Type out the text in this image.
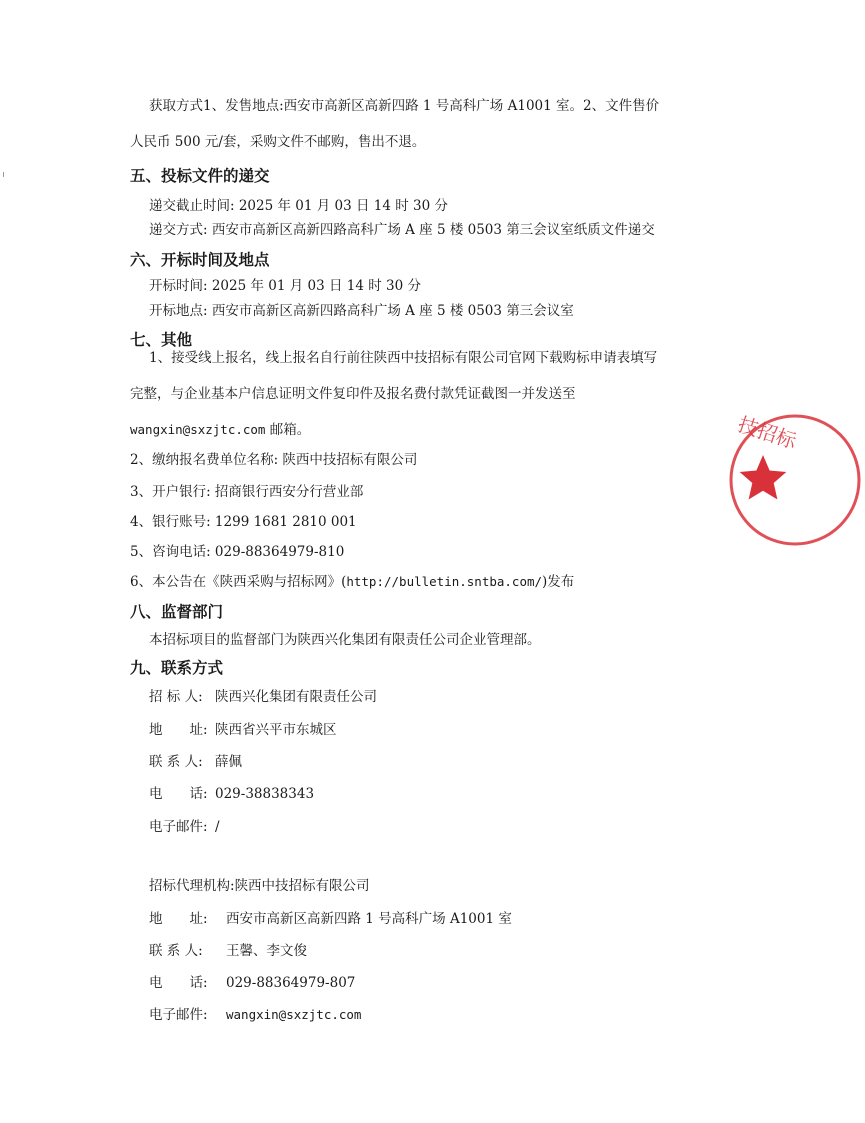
获取方式1、发售地点:西安市高新区高新四路 1 号高科广场 A1001 室。2、文件售价
人民币 500 元/套，采购文件不邮购，售出不退。
五、投标文件的递交
递交截止时间: 2025 年 01 月 03 日 14 时 30 分
递交方式: 西安市高新区高新四路高科广场 A 座 5 楼 0503 第三会议室纸质文件递交
六、开标时间及地点
开标时间: 2025 年 01 月 03 日 14 时 30 分
开标地点: 西安市高新区高新四路高科广场 A 座 5 楼 0503 第三会议室
七、其他
1、接受线上报名，线上报名自行前往陕西中技招标有限公司官网下载购标申请表填写
完整，与企业基本户信息证明文件复印件及报名费付款凭证截图一并发送至
wangxin@sxzjtc.com 邮箱。
2、缴纳报名费单位名称: 陕西中技招标有限公司
3、开户银行: 招商银行西安分行营业部
4、银行账号: 1299 1681 2810 001
5、咨询电话: 029-88364979-810
6、本公告在《陕西采购与招标网》(http://bulletin.sntba.com/)发布
八、监督部门
本招标项目的监督部门为陕西兴化集团有限责任公司企业管理部。
九、联系方式
招 标 人: 陕西兴化集团有限责任公司
地　　址: 陕西省兴平市东城区
联 系 人: 薛佩
电　　话: 029-38838343
电子邮件: /
招标代理机构:陕西中技招标有限公司
地　　址: 西安市高新区高新四路 1 号高科广场 A1001 室
联 系 人: 王馨、李文俊
电　　话: 029-88364979-807
电子邮件: wangxin@sxzjtc.com
技招标
